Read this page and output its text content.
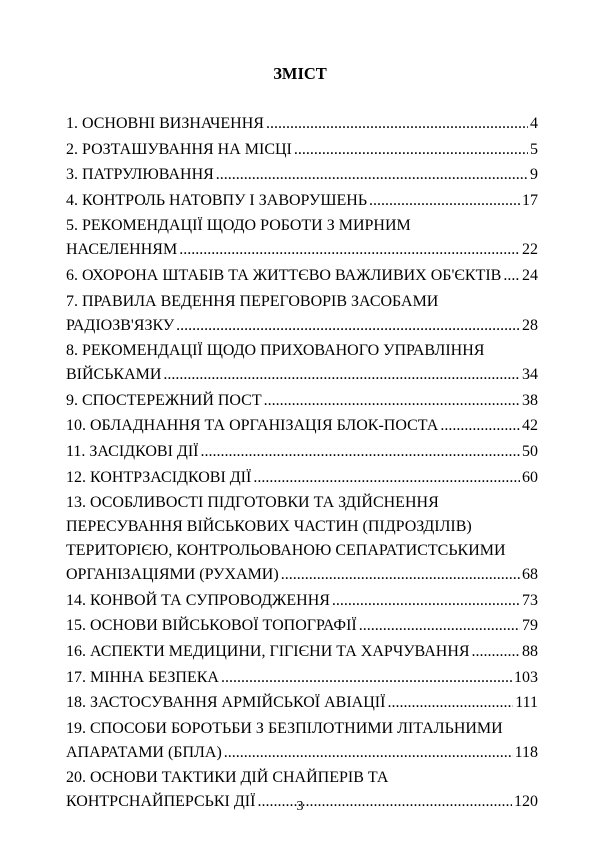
ЗМІСТ
1. ОСНОВНІ ВИЗНАЧЕННЯ .....	4
2. РОЗТАШУВАННЯ НА МІСЦІ .....	5
3. ПАТРУЛЮВАННЯ .....	9
4. КОНТРОЛЬ НАТОВПУ І ЗАВОРУШЕНЬ .....	17
5. РЕКОМЕНДАЦІЇ ЩОДО РОБОТИ З МИРНИМ
НАСЕЛЕННЯМ .....	22
6. ОХОРОНА ШТАБІВ ТА ЖИТТЄВО ВАЖЛИВИХ ОБ'ЄКТІВ ..... 24
7. ПРАВИЛА ВЕДЕННЯ ПЕРЕГОВОРІВ ЗАСОБАМИ
РАДІОЗВ'ЯЗКУ .....	28
8. РЕКОМЕНДАЦІЇ ЩОДО ПРИХОВАНОГО УПРАВЛІННЯ
ВІЙСЬКАМИ .....	34
9. СПОСТЕРЕЖНИЙ ПОСТ .....	38
10. ОБЛАДНАННЯ ТА ОРГАНІЗАЦІЯ БЛОК-ПОСТА .....	42
11. ЗАСІДКОВІ ДІЇ .....	50
12. КОНТРЗАСІДКОВІ ДІЇ .....	60
13. ОСОБЛИВОСТІ ПІДГОТОВКИ ТА ЗДІЙСНЕННЯ
ПЕРЕСУВАННЯ ВІЙСЬКОВИХ ЧАСТИН (ПІДРОЗДІЛІВ)
ТЕРИТОРІЄЮ, КОНТРОЛЬОВАНОЮ СЕПАРАТИСТСЬКИМИ
ОРГАНІЗАЦІЯМИ (РУХАМИ) .....	68
14. КОНВОЙ ТА СУПРОВОДЖЕННЯ .....	73
15. ОСНОВИ ВІЙСЬКОВОЇ ТОПОГРАФІЇ .....	79
16. АСПЕКТИ МЕДИЦИНИ, ГІГІЄНИ ТА ХАРЧУВАННЯ .....	88
17. МІННА БЕЗПЕКА .....	103
18. ЗАСТОСУВАННЯ АРМІЙСЬКОЇ АВІАЦІЇ .....	111
19. СПОСОБИ БОРОТЬБИ З БЕЗПІЛОТНИМИ ЛІТАЛЬНИМИ
АПАРАТАМИ (БПЛА) .....	118
20. ОСНОВИ ТАКТИКИ ДІЙ СНАЙПЕРІВ ТА
КОНТРСНАЙПЕРСЬКІ ДІЇ .....	120
3
